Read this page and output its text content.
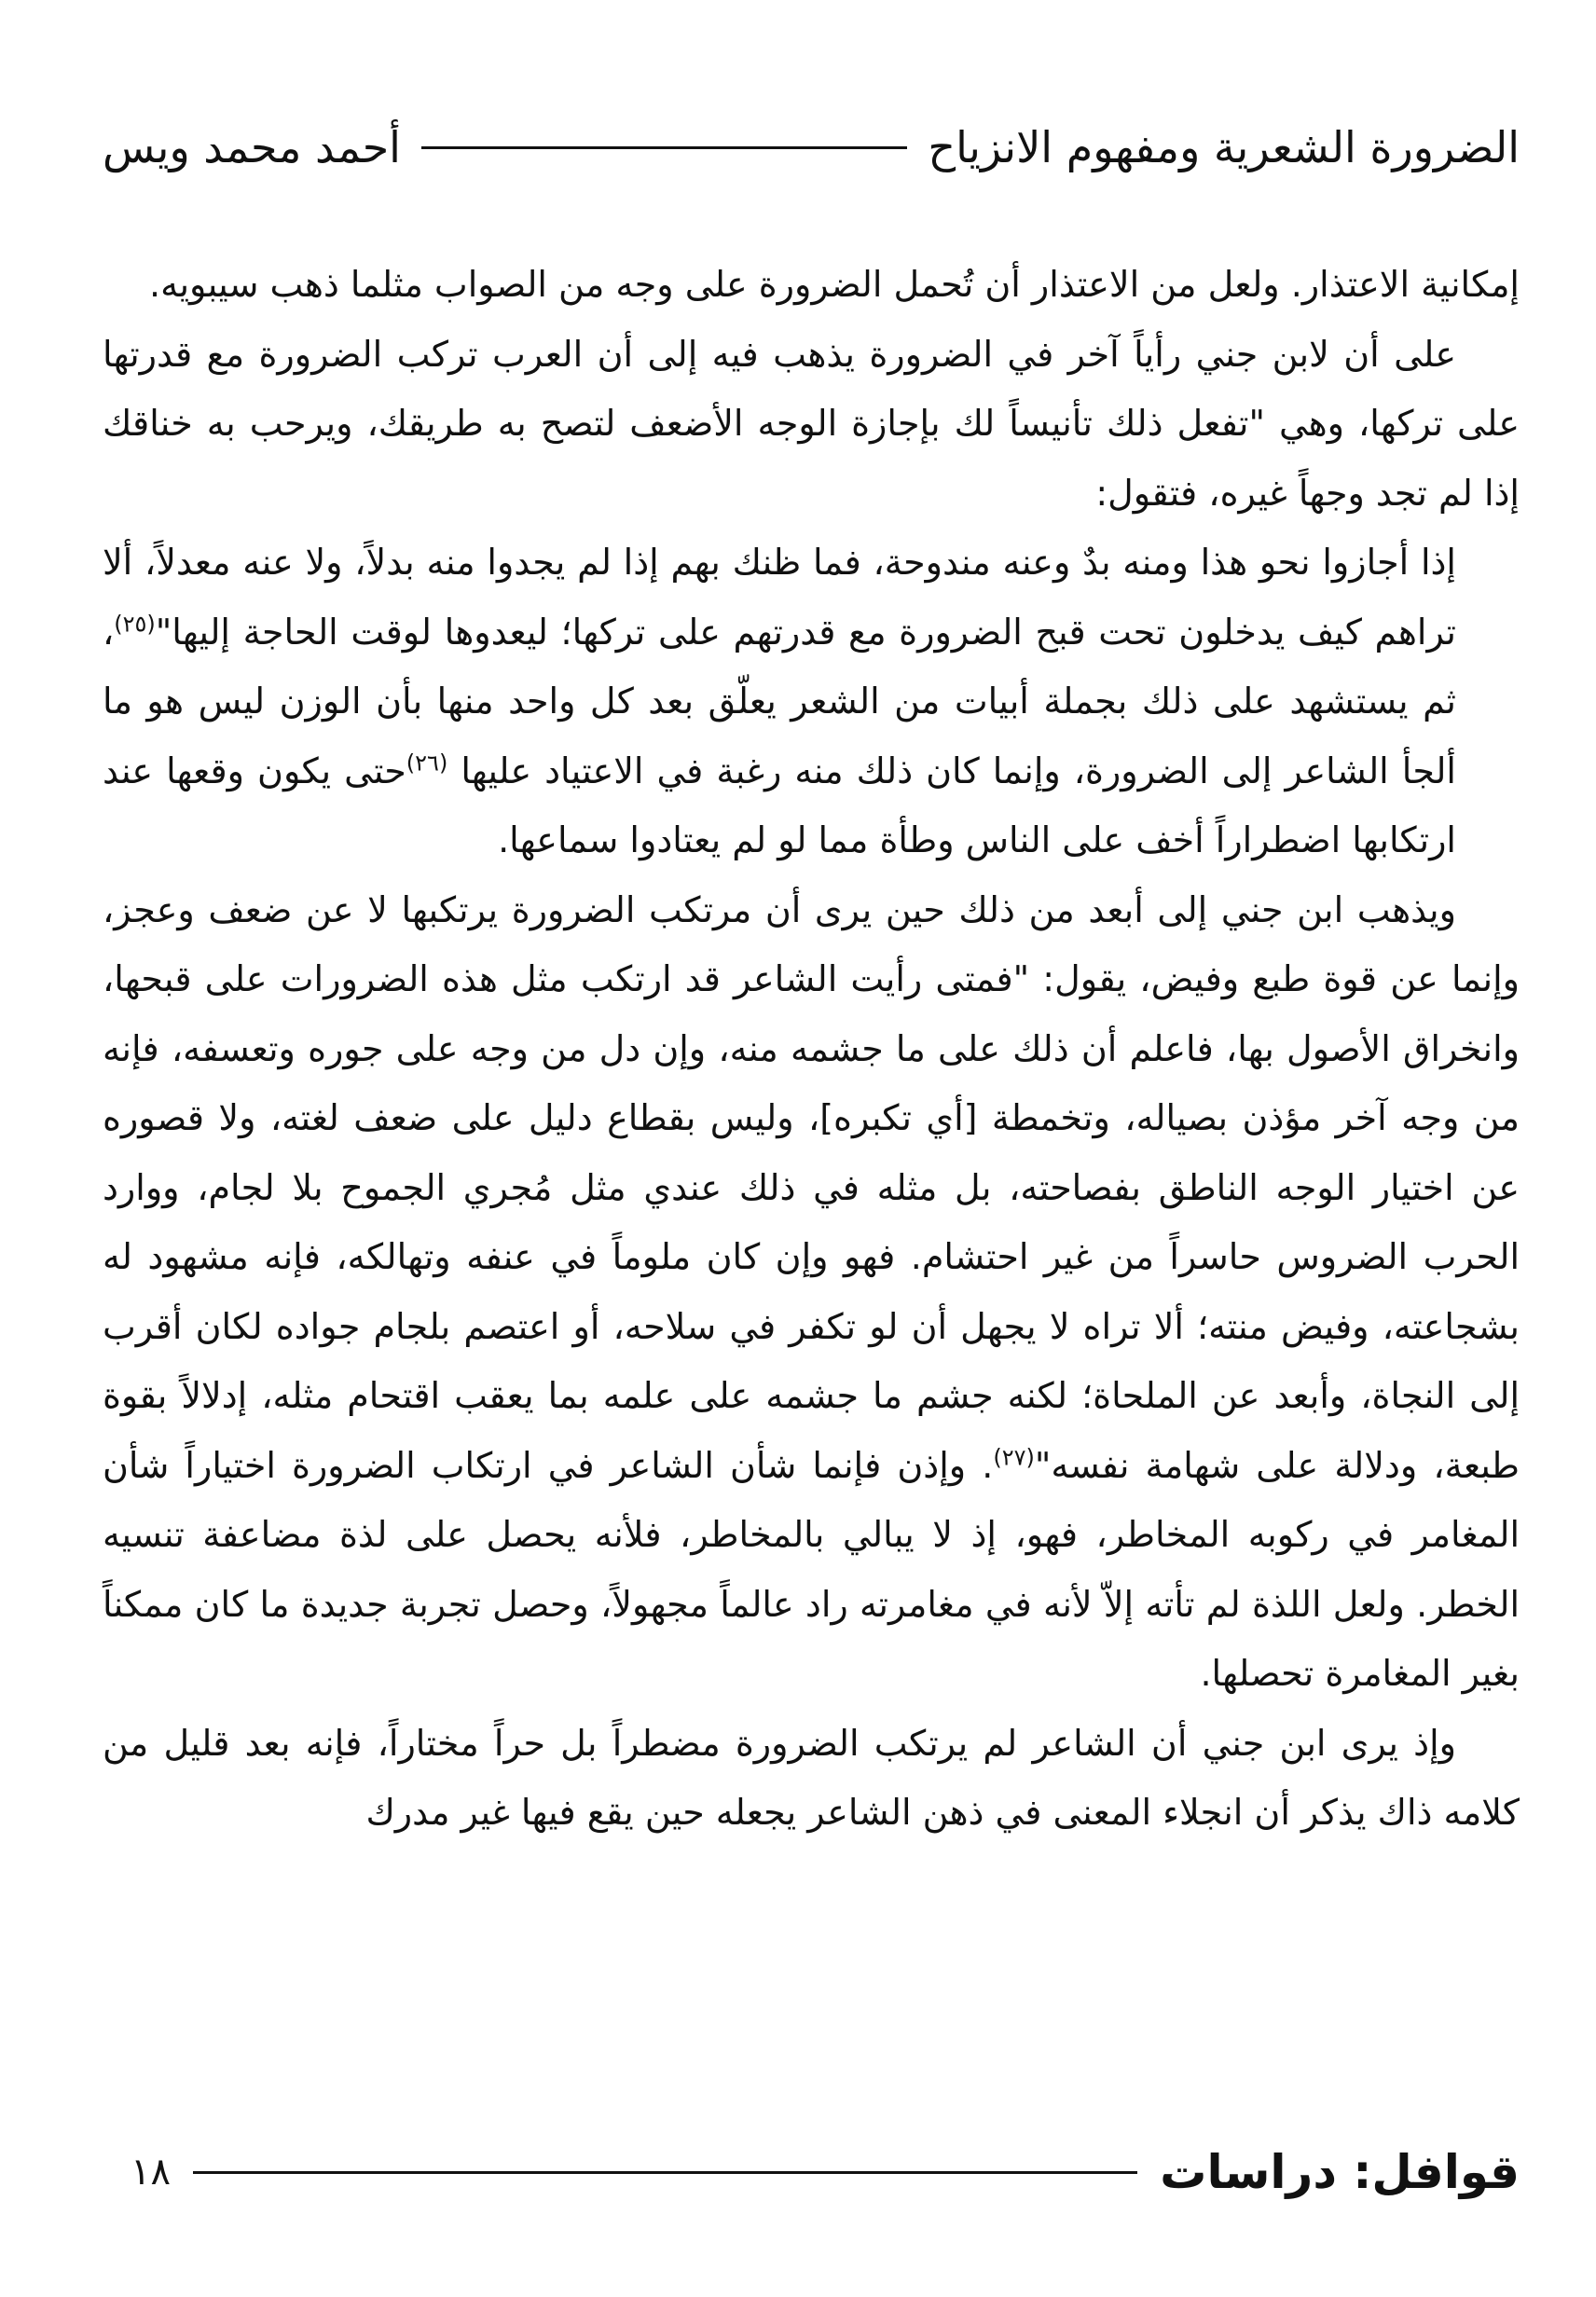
الضرورة الشعرية ومفهوم الانزياح
أحمد محمد ويس

إمكانية الاعتذار. ولعل من الاعتذار أن تُحمل الضرورة على وجه من الصواب مثلما ذهب سيبويه.

على أن لابن جني رأياً آخر في الضرورة يذهب فيه إلى أن العرب تركب الضرورة مع قدرتها على تركها، وهي "تفعل ذلك تأنيساً لك بإجازة الوجه الأضعف لتصح به طريقك، ويرحب به خناقك إذا لم تجد وجهاً غيره، فتقول:

إذا أجازوا نحو هذا ومنه بدٌ وعنه مندوحة، فما ظنك بهم إذا لم يجدوا منه بدلاً، ولا عنه معدلاً، ألا تراهم كيف يدخلون تحت قبح الضرورة مع قدرتهم على تركها؛ ليعدوها لوقت الحاجة إليها"$^{(٢٥)}$، ثم يستشهد على ذلك بجملة أبيات من الشعر يعلّق بعد كل واحد منها بأن الوزن ليس هو ما ألجأ الشاعر إلى الضرورة، وإنما كان ذلك منه رغبة في الاعتياد عليها $^{(٢٦)}$حتى يكون وقعها عند ارتكابها اضطراراً أخف على الناس وطأة مما لو لم يعتادوا سماعها.

ويذهب ابن جني إلى أبعد من ذلك حين يرى أن مرتكب الضرورة يرتكبها لا عن ضعف وعجز، وإنما عن قوة طبع وفيض، يقول: "فمتى رأيت الشاعر قد ارتكب مثل هذه الضرورات على قبحها، وانخراق الأصول بها، فاعلم أن ذلك على ما جشمه منه، وإن دل من وجه على جوره وتعسفه، فإنه من وجه آخر مؤذن بصياله، وتخمطة [أي تكبره]، وليس بقطاع دليل على ضعف لغته، ولا قصوره عن اختيار الوجه الناطق بفصاحته، بل مثله في ذلك عندي مثل مُجري الجموح بلا لجام، ووارد الحرب الضروس حاسراً من غير احتشام. فهو وإن كان ملوماً في عنفه وتهالكه، فإنه مشهود له بشجاعته، وفيض منته؛ ألا تراه لا يجهل أن لو تكفر في سلاحه، أو اعتصم بلجام جواده لكان أقرب إلى النجاة، وأبعد عن الملحاة؛ لكنه جشم ما جشمه على علمه بما يعقب اقتحام مثله، إدلالاً بقوة طبعة، ودلالة على شهامة نفسه"$^{(٢٧)}$. وإذن فإنما شأن الشاعر في ارتكاب الضرورة اختياراً شأن المغامر في ركوبه المخاطر، فهو، إذ لا يبالي بالمخاطر، فلأنه يحصل على لذة مضاعفة تنسيه الخطر. ولعل اللذة لم تأته إلاّ لأنه في مغامرته راد عالماً مجهولاً، وحصل تجربة جديدة ما كان ممكناً بغير المغامرة تحصلها.

وإذ يرى ابن جني أن الشاعر لم يرتكب الضرورة مضطراً بل حراً مختاراً، فإنه بعد قليل من كلامه ذاك يذكر أن انجلاء المعنى في ذهن الشاعر يجعله حين يقع فيها غير مدرك

قوافل: دراسات
١٨
